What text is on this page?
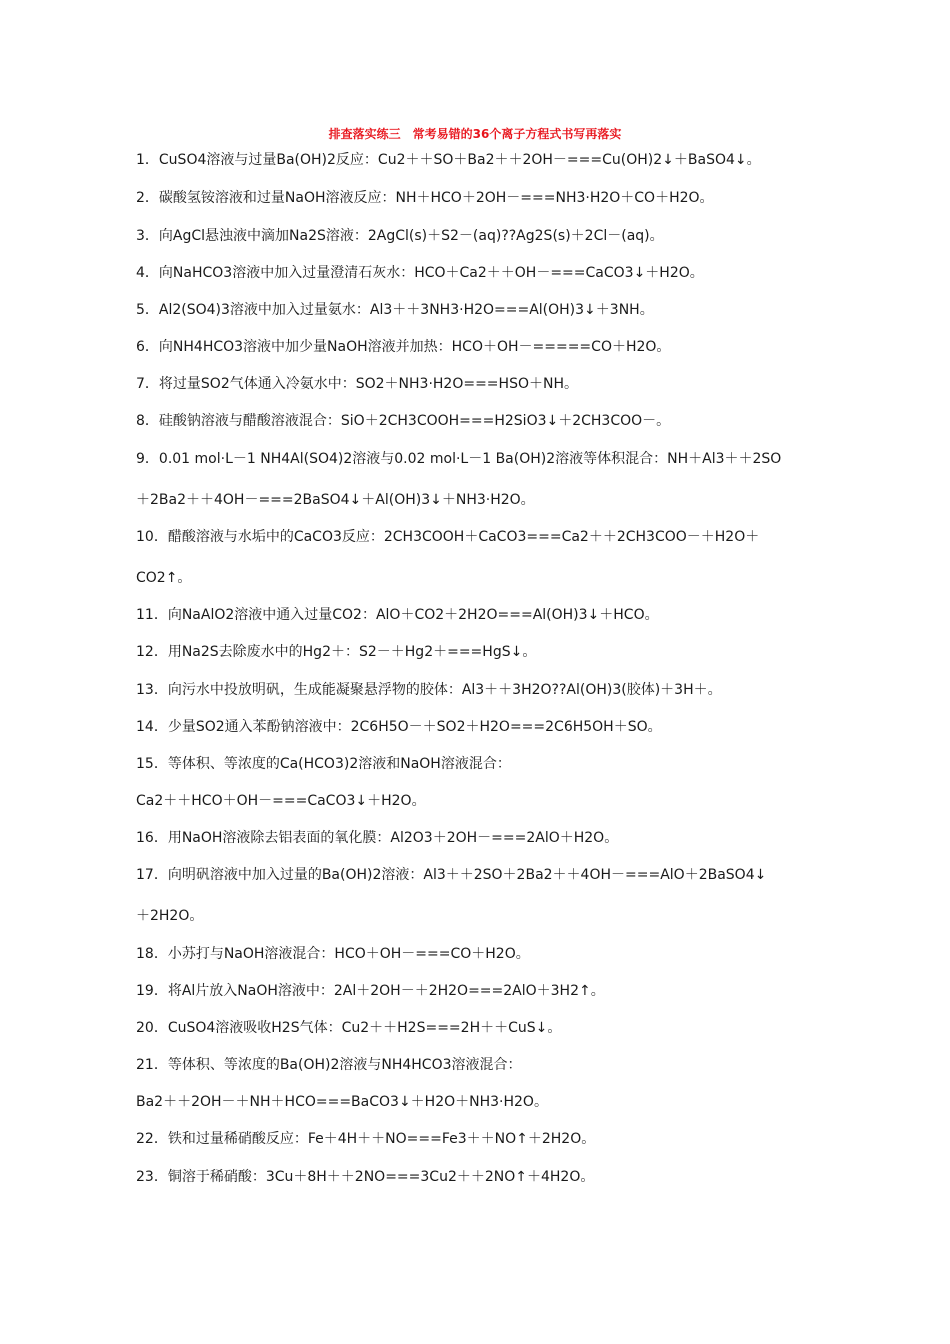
排查落实练三　常考易错的36个离子方程式书写再落实
1．CuSO4溶液与过量Ba(OH)2反应：Cu2＋＋SO＋Ba2＋＋2OH－===Cu(OH)2↓＋BaSO4↓。
2．碳酸氢铵溶液和过量NaOH溶液反应：NH＋HCO＋2OH－===NH3·H2O＋CO＋H2O。
3．向AgCl悬浊液中滴加Na2S溶液：2AgCl(s)＋S2－(aq)??Ag2S(s)＋2Cl－(aq)。
4．向NaHCO3溶液中加入过量澄清石灰水：HCO＋Ca2＋＋OH－===CaCO3↓＋H2O。
5．Al2(SO4)3溶液中加入过量氨水：Al3＋＋3NH3·H2O===Al(OH)3↓＋3NH。
6．向NH4HCO3溶液中加少量NaOH溶液并加热：HCO＋OH－=====CO＋H2O。
7．将过量SO2气体通入冷氨水中：SO2＋NH3·H2O===HSO＋NH。
8．硅酸钠溶液与醋酸溶液混合：SiO＋2CH3COOH===H2SiO3↓＋2CH3COO－。
9．0.01 mol·L－1 NH4Al(SO4)2溶液与0.02 mol·L－1 Ba(OH)2溶液等体积混合：NH＋Al3＋＋2SO
＋2Ba2＋＋4OH－===2BaSO4↓＋Al(OH)3↓＋NH3·H2O。
10．醋酸溶液与水垢中的CaCO3反应：2CH3COOH＋CaCO3===Ca2＋＋2CH3COO－＋H2O＋
CO2↑。
11．向NaAlO2溶液中通入过量CO2：AlO＋CO2＋2H2O===Al(OH)3↓＋HCO。
12．用Na2S去除废水中的Hg2＋：S2－＋Hg2＋===HgS↓。
13．向污水中投放明矾，生成能凝聚悬浮物的胶体：Al3＋＋3H2O??Al(OH)3(胶体)＋3H＋。
14．少量SO2通入苯酚钠溶液中：2C6H5O－＋SO2＋H2O===2C6H5OH＋SO。
15．等体积、等浓度的Ca(HCO3)2溶液和NaOH溶液混合：
Ca2＋＋HCO＋OH－===CaCO3↓＋H2O。
16．用NaOH溶液除去铝表面的氧化膜：Al2O3＋2OH－===2AlO＋H2O。
17．向明矾溶液中加入过量的Ba(OH)2溶液：Al3＋＋2SO＋2Ba2＋＋4OH－===AlO＋2BaSO4↓
＋2H2O。
18．小苏打与NaOH溶液混合：HCO＋OH－===CO＋H2O。
19．将Al片放入NaOH溶液中：2Al＋2OH－＋2H2O===2AlO＋3H2↑。
20．CuSO4溶液吸收H2S气体：Cu2＋＋H2S===2H＋＋CuS↓。
21．等体积、等浓度的Ba(OH)2溶液与NH4HCO3溶液混合：
Ba2＋＋2OH－＋NH＋HCO===BaCO3↓＋H2O＋NH3·H2O。
22．铁和过量稀硝酸反应：Fe＋4H＋＋NO===Fe3＋＋NO↑＋2H2O。
23．铜溶于稀硝酸：3Cu＋8H＋＋2NO===3Cu2＋＋2NO↑＋4H2O。
